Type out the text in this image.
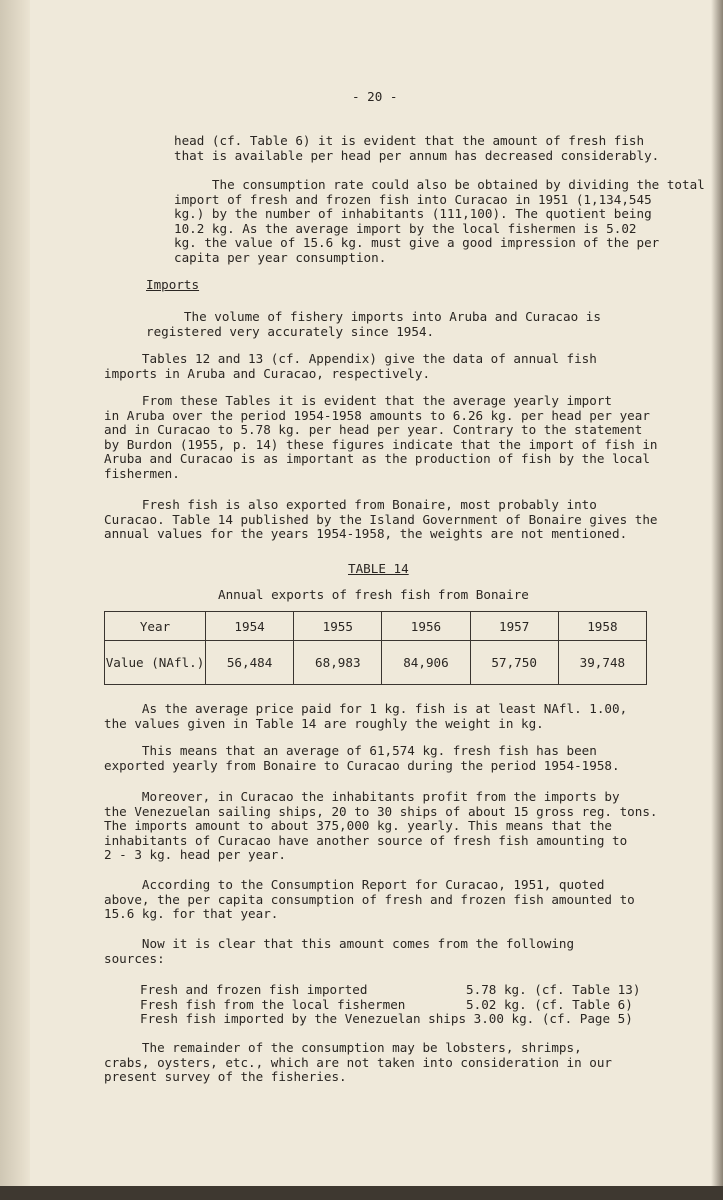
- 20 -
head (cf. Table 6) it is evident that the amount of fresh fish
that is available per head per annum has decreased considerably.
The consumption rate could also be obtained by dividing the total
import of fresh and frozen fish into Curacao in 1951 (1,134,545
kg.) by the number of inhabitants (111,100). The quotient being
10.2 kg. As the average import by the local fishermen is 5.02
kg. the value of 15.6 kg. must give a good impression of the per
capita per year consumption.
Imports
The volume of fishery imports into Aruba and Curacao is
registered very accurately since 1954.
Tables 12 and 13 (cf. Appendix) give the data of annual fish
imports in Aruba and Curacao, respectively.
From these Tables it is evident that the average yearly import
in Aruba over the period 1954-1958 amounts to 6.26 kg. per head per year
and in Curacao to 5.78 kg. per head per year. Contrary to the statement
by Burdon (1955, p. 14) these figures indicate that the import of fish in
Aruba and Curacao is as important as the production of fish by the local
fishermen.
Fresh fish is also exported from Bonaire, most probably into
Curacao. Table 14 published by the Island Government of Bonaire gives the
annual values for the years 1954-1958, the weights are not mentioned.
TABLE 14
Annual exports of fresh fish from Bonaire
Year	1954	1955	1956	1957	1958
Value (NAfl.)	56,484	68,983	84,906	57,750	39,748
As the average price paid for 1 kg. fish is at least NAfl. 1.00,
the values given in Table 14 are roughly the weight in kg.
This means that an average of 61,574 kg. fresh fish has been
exported yearly from Bonaire to Curacao during the period 1954-1958.
Moreover, in Curacao the inhabitants profit from the imports by
the Venezuelan sailing ships, 20 to 30 ships of about 15 gross reg. tons.
The imports amount to about 375,000 kg. yearly. This means that the
inhabitants of Curacao have another source of fresh fish amounting to
2 - 3 kg. head per year.
According to the Consumption Report for Curacao, 1951, quoted
above, the per capita consumption of fresh and frozen fish amounted to
15.6 kg. for that year.
Now it is clear that this amount comes from the following
sources:
Fresh and frozen fish imported             5.78 kg. (cf. Table 13)
Fresh fish from the local fishermen        5.02 kg. (cf. Table 6)
Fresh fish imported by the Venezuelan ships 3.00 kg. (cf. Page 5)
The remainder of the consumption may be lobsters, shrimps,
crabs, oysters, etc., which are not taken into consideration in our
present survey of the fisheries.
